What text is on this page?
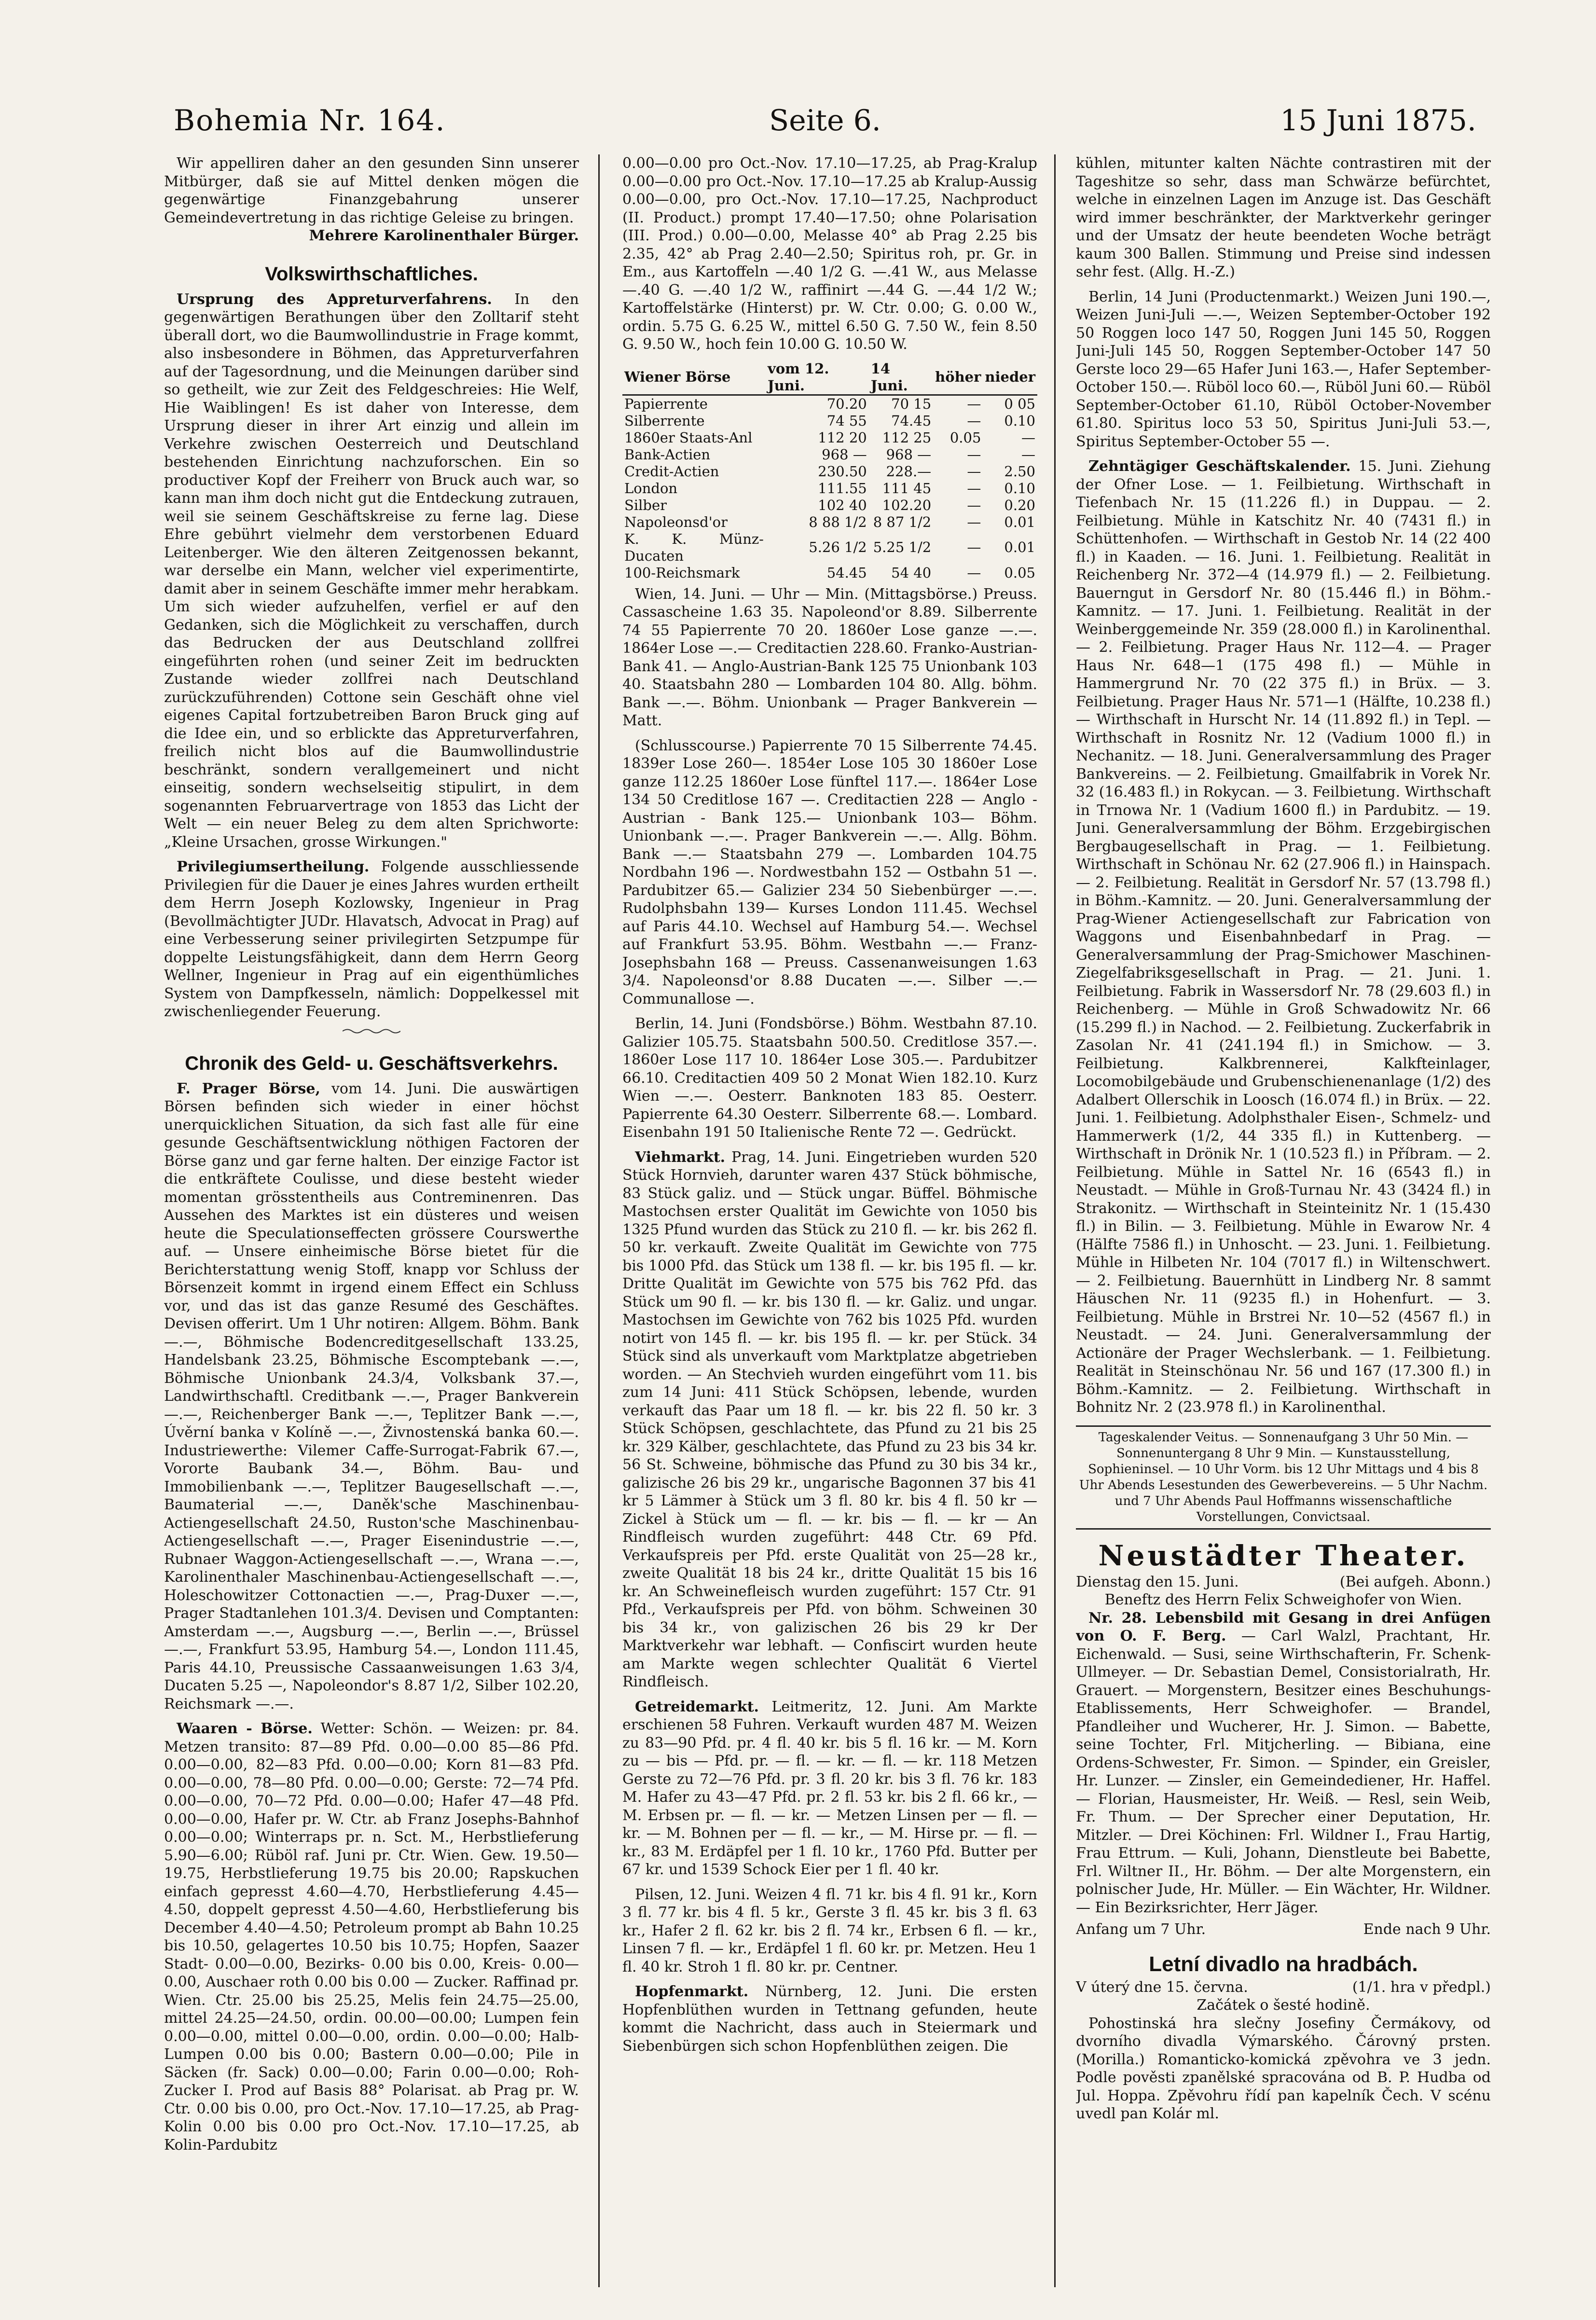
Bohemia Nr. 164.	Seite 6.	15 Juni 1875.

Wir appelliren daher an den gesunden Sinn unserer Mitbürger, daß sie auf Mittel denken mögen die gegenwärtige Finanzgebahrung unserer Gemeindevertretung in das richtige Geleise zu bringen.

Mehrere Karolinenthaler Bürger.
Volkswirthschaftliches.

Ursprung des Appreturverfahrens. In den gegenwärtigen Berathungen über den Zolltarif steht überall dort, wo die Baumwollindustrie in Frage kommt, also insbesondere in Böhmen, das Appreturverfahren auf der Tagesordnung, und die Meinungen darüber sind so getheilt, wie zur Zeit des Feldgeschreies: Hie Welf, Hie Waiblingen! Es ist daher von Interesse, dem Ursprung dieser in ihrer Art einzig und allein im Verkehre zwischen Oesterreich und Deutschland bestehenden Einrichtung nachzuforschen. Ein so productiver Kopf der Freiherr von Bruck auch war, so kann man ihm doch nicht gut die Entdeckung zutrauen, weil sie seinem Geschäftskreise zu ferne lag. Diese Ehre gebührt vielmehr dem verstorbenen Eduard Leitenberger. Wie den älteren Zeitgenossen bekannt, war derselbe ein Mann, welcher viel experimentirte, damit aber in seinem Geschäfte immer mehr herabkam. Um sich wieder aufzuhelfen, verfiel er auf den Gedanken, sich die Möglichkeit zu verschaffen, durch das Bedrucken der aus Deutschland zollfrei eingeführten rohen (und seiner Zeit im bedruckten Zustande wieder zollfrei nach Deutschland zurückzuführenden) Cottone sein Geschäft ohne viel eigenes Capital fortzubetreiben Baron Bruck ging auf die Idee ein, und so erblickte das Appreturverfahren, freilich nicht blos auf die Baumwollindustrie beschränkt, sondern verallgemeinert und nicht einseitig, sondern wechselseitig stipulirt, in dem sogenannten Februarvertrage von 1853 das Licht der Welt — ein neuer Beleg zu dem alten Sprichworte: „Kleine Ursachen, grosse Wirkungen."

Privilegiumsertheilung. Folgende ausschliessende Privilegien für die Dauer je eines Jahres wurden ertheilt dem Herrn Joseph Kozlowsky, Ingenieur in Prag (Bevollmächtigter JUDr. Hlavatsch, Advocat in Prag) auf eine Verbesserung seiner privilegirten Setzpumpe für doppelte Leistungsfähigkeit, dann dem Herrn Georg Wellner, Ingenieur in Prag auf ein eigenthümliches System von Dampfkesseln, nämlich: Doppelkessel mit zwischenliegender Feuerung.

Chronik des Geld- u. Geschäftsverkehrs.

F. Prager Börse, vom 14. Juni. Die auswärtigen Börsen befinden sich wieder in einer höchst unerquicklichen Situation, da sich fast alle für eine gesunde Geschäftsentwicklung nöthigen Factoren der Börse ganz und gar ferne halten. Der einzige Factor ist die entkräftete Coulisse, und diese besteht wieder momentan grösstentheils aus Contreminenren. Das Aussehen des Marktes ist ein düsteres und weisen heute die Speculationseffecten grössere Courswerthe auf. — Unsere einheimische Börse bietet für die Berichterstattung wenig Stoff, knapp vor Schluss der Börsenzeit kommt in irgend einem Effect ein Schluss vor, und das ist das ganze Resumé des Geschäftes. Devisen offerirt. Um 1 Uhr notiren: Allgem. Böhm. Bank —.—, Böhmische Bodencreditgesellschaft 133.25, Handelsbank 23.25, Böhmische Escomptebank —.—, Böhmische Unionbank 24.3/4, Volksbank 37.—, Landwirthschaftl. Creditbank —.—, Prager Bankverein —.—, Reichenberger Bank —.—, Teplitzer Bank —.—, Úvěrní banka v Kolíně —.—, Živnostenská banka 60.—. Industriewerthe: Vilemer Caffe-Surrogat-Fabrik 67.—, Vororte Baubank 34.—, Böhm. Bau- und Immobilienbank —.—, Teplitzer Baugesellschaft —.—, Baumaterial —.—, Daněk'sche Maschinenbau-Actiengesellschaft 24.50, Ruston'sche Maschinenbau-Actiengesellschaft —.—, Prager Eisenindustrie —.—, Rubnaer Waggon-Actiengesellschaft —.—, Wrana —.—, Karolinenthaler Maschinenbau-Actiengesellschaft —.—, Holeschowitzer Cottonactien —.—, Prag-Duxer —.—, Prager Stadtanlehen 101.3/4. Devisen und Comptanten: Amsterdam —.—, Augsburg —.—, Berlin —.—, Brüssel —.—, Frankfurt 53.95, Hamburg 54.—, London 111.45, Paris 44.10, Preussische Cassaanweisungen 1.63 3/4, Ducaten 5.25 —, Napoleondor's 8.87 1/2, Silber 102.20, Reichsmark —.—.

Waaren - Börse. Wetter: Schön. — Weizen: pr. 84. Metzen transito: 87—89 Pfd. 0.00—0.00 85—86 Pfd. 0.00—0.00, 82—83 Pfd. 0.00—0.00; Korn 81—83 Pfd. 0.00—0.00, 78—80 Pfd. 0.00—0.00; Gerste: 72—74 Pfd. 0.00—0.00, 70—72 Pfd. 0.00—0.00; Hafer 47—48 Pfd. 0.00—0.00, Hafer pr. W. Ctr. ab Franz Josephs-Bahnhof 0.00—0.00; Winterraps pr. n. Sct. M., Herbstlieferung 5.90—6.00; Rüböl raf. Juni pr. Ctr. Wien. Gew. 19.50—19.75, Herbstlieferung 19.75 bis 20.00; Rapskuchen einfach gepresst 4.60—4.70, Herbstlieferung 4.45—4.50, doppelt gepresst 4.50—4.60, Herbstlieferung bis December 4.40—4.50; Petroleum prompt ab Bahn 10.25 bis 10.50, gelagertes 10.50 bis 10.75; Hopfen, Saazer Stadt- 0.00—0.00, Bezirks- 0.00 bis 0.00, Kreis- 0.00—0.00, Auschaer roth 0.00 bis 0.00 — Zucker. Raffinad pr. Wien. Ctr. 25.00 bis 25.25, Melis fein 24.75—25.00, mittel 24.25—24.50, ordin. 00.00—00.00; Lumpen fein 0.00—0.00, mittel 0.00—0.00, ordin. 0.00—0.00; Halb-Lumpen 0.00 bis 0.00; Bastern 0.00—0.00; Pile in Säcken (fr. Sack) 0.00—0.00; Farin 0.00—0.00; Roh-Zucker I. Prod auf Basis 88° Polarisat. ab Prag pr. W. Ctr. 0.00 bis 0.00, pro Oct.-Nov. 17.10—17.25, ab Prag-Kolin 0.00 bis 0.00 pro Oct.-Nov. 17.10—17.25, ab Kolin-Pardubitz

0.00—0.00 pro Oct.-Nov. 17.10—17.25, ab Prag-Kralup 0.00—0.00 pro Oct.-Nov. 17.10—17.25 ab Kralup-Aussig 0.00—0.00, pro Oct.-Nov. 17.10—17.25, Nachproduct (II. Product.) prompt 17.40—17.50; ohne Polarisation (III. Prod.) 0.00—0.00, Melasse 40° ab Prag 2.25 bis 2.35, 42° ab Prag 2.40—2.50; Spiritus roh, pr. Gr. in Em., aus Kartoffeln —.40 1/2 G. —.41 W., aus Melasse —.40 G. —.40 1/2 W., raffinirt —.44 G. —.44 1/2 W.; Kartoffelstärke (Hinterst) pr. W. Ctr. 0.00; G. 0.00 W., ordin. 5.75 G. 6.25 W., mittel 6.50 G. 7.50 W., fein 8.50 G. 9.50 W., hoch fein 10.00 G. 10.50 W.

Wiener Börse	vom 12. Juni.	14 Juni.	höher	nieder
Papierrente	70.20	70 15	—	0 05
Silberrente	74 55	74.45	—	0.10
1860er Staats-Anl	112 20	112 25	0.05	—
Bank-Actien	968 —	968 —	—	—
Credit-Actien	230.50	228.—	—	2.50
London	111.55	111 45	—	0.10
Silber	102 40	102.20	—	0.20
Napoleonsd'or	8 88 1/2	8 87 1/2	—	0.01
K. K. Münz-Ducaten	5.26 1/2	5.25 1/2	—	0.01
100-Reichsmark	54.45	54 40	—	0.05

Wien, 14. Juni. — Uhr — Min. (Mittagsbörse.) Preuss. Cassascheine 1.63 35. Napoleond'or 8.89. Silberrente 74 55 Papierrente 70 20. 1860er Lose ganze —.—. 1864er Lose —.— Creditactien 228.60. Franko-Austrian-Bank 41. — Anglo-Austrian-Bank 125 75 Unionbank 103 40. Staatsbahn 280 — Lombarden 104 80. Allg. böhm. Bank —.—. Böhm. Unionbank — Prager Bankverein — Matt.

(Schlusscourse.) Papierrente 70 15 Silberrente 74.45. 1839er Lose 260—. 1854er Lose 105 30 1860er Lose ganze 112.25 1860er Lose fünftel 117.—. 1864er Lose 134 50 Creditlose 167 —. Creditactien 228 — Anglo - Austrian - Bank 125.— Unionbank 103— Böhm. Unionbank —.—. Prager Bankverein —.—. Allg. Böhm. Bank —.— Staatsbahn 279 —. Lombarden 104.75 Nordbahn 196 —. Nordwestbahn 152 — Ostbahn 51 —. Pardubitzer 65.— Galizier 234 50 Siebenbürger —.—. Rudolphsbahn 139— Kurses London 111.45. Wechsel auf Paris 44.10. Wechsel auf Hamburg 54.—. Wechsel auf Frankfurt 53.95. Böhm. Westbahn —.— Franz-Josephsbahn 168 — Preuss. Cassenanweisungen 1.63 3/4. Napoleonsd'or 8.88 Ducaten —.—. Silber —.— Communallose —.

Berlin, 14. Juni (Fondsbörse.) Böhm. Westbahn 87.10. Galizier 105.75. Staatsbahn 500.50. Creditlose 357.—. 1860er Lose 117 10. 1864er Lose 305.—. Pardubitzer 66.10. Creditactien 409 50 2 Monat Wien 182.10. Kurz Wien —.—. Oesterr. Banknoten 183 85. Oesterr. Papierrente 64.30 Oesterr. Silberrente 68.—. Lombard. Eisenbahn 191 50 Italienische Rente 72 —. Gedrückt.

Viehmarkt. Prag, 14. Juni. Eingetrieben wurden 520 Stück Hornvieh, darunter waren 437 Stück böhmische, 83 Stück galiz. und — Stück ungar. Büffel. Böhmische Mastochsen erster Qualität im Gewichte von 1050 bis 1325 Pfund wurden das Stück zu 210 fl. — kr. bis 262 fl. 50 kr. verkauft. Zweite Qualität im Gewichte von 775 bis 1000 Pfd. das Stück um 138 fl. — kr. bis 195 fl. — kr. Dritte Qualität im Gewichte von 575 bis 762 Pfd. das Stück um 90 fl. — kr. bis 130 fl. — kr. Galiz. und ungar. Mastochsen im Gewichte von 762 bis 1025 Pfd. wurden notirt von 145 fl. — kr. bis 195 fl. — kr. per Stück. 34 Stück sind als unverkauft vom Marktplatze abgetrieben worden. — An Stechvieh wurden eingeführt vom 11. bis zum 14 Juni: 411 Stück Schöpsen, lebende, wurden verkauft das Paar um 18 fl. — kr. bis 22 fl. 50 kr. 3 Stück Schöpsen, geschlachtete, das Pfund zu 21 bis 25 kr. 329 Kälber, geschlachtete, das Pfund zu 23 bis 34 kr. 56 St. Schweine, böhmische das Pfund zu 30 bis 34 kr., galizische 26 bis 29 kr., ungarische Bagonnen 37 bis 41 kr 5 Lämmer à Stück um 3 fl. 80 kr. bis 4 fl. 50 kr — Zickel à Stück um — fl. — kr. bis — fl. — kr — An Rindfleisch wurden zugeführt: 448 Ctr. 69 Pfd. Verkaufspreis per Pfd. erste Qualität von 25—28 kr., zweite Qualität 18 bis 24 kr., dritte Qualität 15 bis 16 kr. An Schweinefleisch wurden zugeführt: 157 Ctr. 91 Pfd., Verkaufspreis per Pfd. von böhm. Schweinen 30 bis 34 kr., von galizischen 26 bis 29 kr Der Marktverkehr war lebhaft. — Confiscirt wurden heute am Markte wegen schlechter Qualität 6 Viertel Rindfleisch.

Getreidemarkt. Leitmeritz, 12. Juni. Am Markte erschienen 58 Fuhren. Verkauft wurden 487 M. Weizen zu 83—90 Pfd. pr. 4 fl. 40 kr. bis 5 fl. 16 kr. — M. Korn zu — bis — Pfd. pr. — fl. — kr. — fl. — kr. 118 Metzen Gerste zu 72—76 Pfd. pr. 3 fl. 20 kr. bis 3 fl. 76 kr. 183 M. Hafer zu 43—47 Pfd. pr. 2 fl. 53 kr. bis 2 fl. 66 kr., — M. Erbsen pr. — fl. — kr. — Metzen Linsen per — fl. — kr. — M. Bohnen per — fl. — kr., — M. Hirse pr. — fl. — kr., 83 M. Erdäpfel per 1 fl. 10 kr., 1760 Pfd. Butter per 67 kr. und 1539 Schock Eier per 1 fl. 40 kr.

Pilsen, 12. Juni. Weizen 4 fl. 71 kr. bis 4 fl. 91 kr., Korn 3 fl. 77 kr. bis 4 fl. 5 kr., Gerste 3 fl. 45 kr. bis 3 fl. 63 kr., Hafer 2 fl. 62 kr. bis 2 fl. 74 kr., Erbsen 6 fl. — kr., Linsen 7 fl. — kr., Erdäpfel 1 fl. 60 kr. pr. Metzen. Heu 1 fl. 40 kr. Stroh 1 fl. 80 kr. pr. Centner.

Hopfenmarkt. Nürnberg, 12. Juni. Die ersten Hopfenblüthen wurden in Tettnang gefunden, heute kommt die Nachricht, dass auch in Steiermark und Siebenbürgen sich schon Hopfenblüthen zeigen. Die

kühlen, mitunter kalten Nächte contrastiren mit der Tageshitze so sehr, dass man Schwärze befürchtet, welche in einzelnen Lagen im Anzuge ist. Das Geschäft wird immer beschränkter, der Marktverkehr geringer und der Umsatz der heute beendeten Woche beträgt kaum 300 Ballen. Stimmung und Preise sind indessen sehr fest. (Allg. H.-Z.)

Berlin, 14 Juni (Productenmarkt.) Weizen Juni 190.—, Weizen Juni-Juli —.—, Weizen September-October 192 50 Roggen loco 147 50, Roggen Juni 145 50, Roggen Juni-Juli 145 50, Roggen September-October 147 50 Gerste loco 29—65 Hafer Juni 163.—, Hafer September-October 150.—. Rüböl loco 60.—, Rüböl Juni 60.— Rüböl September-October 61.10, Rüböl October-November 61.80. Spiritus loco 53 50, Spiritus Juni-Juli 53.—, Spiritus September-October 55 —.

Zehntägiger Geschäftskalender. 15. Juni. Ziehung der Ofner Lose. — 1. Feilbietung. Wirthschaft in Tiefenbach Nr. 15 (11.226 fl.) in Duppau. — 2. Feilbietung. Mühle in Katschitz Nr. 40 (7431 fl.) in Schüttenhofen. — Wirthschaft in Gestob Nr. 14 (22 400 fl.) in Kaaden. — 16. Juni. 1. Feilbietung. Realität in Reichenberg Nr. 372—4 (14.979 fl.) — 2. Feilbietung. Bauerngut in Gersdorf Nr. 80 (15.446 fl.) in Böhm.-Kamnitz. — 17. Juni. 1. Feilbietung. Realität in der Weinberggemeinde Nr. 359 (28.000 fl.) in Karolinenthal. — 2. Feilbietung. Prager Haus Nr. 112—4. — Prager Haus Nr. 648—1 (175 498 fl.) — Mühle in Hammergrund Nr. 70 (22 375 fl.) in Brüx. — 3. Feilbietung. Prager Haus Nr. 571—1 (Hälfte, 10.238 fl.) — Wirthschaft in Hurscht Nr. 14 (11.892 fl.) in Tepl. — Wirthschaft in Rosnitz Nr. 12 (Vadium 1000 fl.) in Nechanitz. — 18. Juni. Generalversammlung des Prager Bankvereins. — 2. Feilbietung. Gmailfabrik in Vorek Nr. 32 (16.483 fl.) in Rokycan. — 3. Feilbietung. Wirthschaft in Trnowa Nr. 1 (Vadium 1600 fl.) in Pardubitz. — 19. Juni. Generalversammlung der Böhm. Erzgebirgischen Bergbaugesellschaft in Prag. — 1. Feilbietung. Wirthschaft in Schönau Nr. 62 (27.906 fl.) in Hainspach. — 2. Feilbietung. Realität in Gersdorf Nr. 57 (13.798 fl.) in Böhm.-Kamnitz. — 20. Juni. Generalversammlung der Prag-Wiener Actiengesellschaft zur Fabrication von Waggons und Eisenbahnbedarf in Prag. — Generalversammlung der Prag-Smichower Maschinen-Ziegelfabriksgesellschaft in Prag. — 21. Juni. 1. Feilbietung. Fabrik in Wassersdorf Nr. 78 (29.603 fl.) in Reichenberg. — Mühle in Groß Schwadowitz Nr. 66 (15.299 fl.) in Nachod. — 2. Feilbietung. Zuckerfabrik in Zasolan Nr. 41 (241.194 fl.) in Smichow. — 3. Feilbietung. Kalkbrennerei, Kalkfteinlager, Locomobilgebäude und Grubenschienenanlage (1/2) des Adalbert Ollerschik in Loosch (16.074 fl.) in Brüx. — 22. Juni. 1. Feilbietung. Adolphsthaler Eisen-, Schmelz- und Hammerwerk (1/2, 44 335 fl.) in Kuttenberg. — Wirthschaft in Drönik Nr. 1 (10.523 fl.) in Příbram. — 2. Feilbietung. Mühle in Sattel Nr. 16 (6543 fl.) in Neustadt. — Mühle in Groß-Turnau Nr. 43 (3424 fl.) in Strakonitz. — Wirthschaft in Steinteinitz Nr. 1 (15.430 fl.) in Bilin. — 3. Feilbietung. Mühle in Ewarow Nr. 4 (Hälfte 7586 fl.) in Unhoscht. — 23. Juni. 1. Feilbietung. Mühle in Hilbeten Nr. 104 (7017 fl.) in Wiltenschwert. — 2. Feilbietung. Bauernhütt in Lindberg Nr. 8 sammt Häuschen Nr. 11 (9235 fl.) in Hohenfurt. — 3. Feilbietung. Mühle in Brstrei Nr. 10—52 (4567 fl.) in Neustadt. — 24. Juni. Generalversammlung der Actionäre der Prager Wechslerbank. — 1. Feilbietung. Realität in Steinschönau Nr. 56 und 167 (17.300 fl.) in Böhm.-Kamnitz. — 2. Feilbietung. Wirthschaft in Bohnitz Nr. 2 (23.978 fl.) in Karolinenthal.

Tageskalender Veitus. — Sonnenaufgang 3 Uhr 50 Min. — Sonnenuntergang 8 Uhr 9 Min. — Kunstausstellung, Sophieninsel. — 10 Uhr Vorm. bis 12 Uhr Mittags und 4 bis 8 Uhr Abends Lesestunden des Gewerbevereins. — 5 Uhr Nachm. und 7 Uhr Abends Paul Hoffmanns wissenschaftliche Vorstellungen, Convictsaal.
Neustädter Theater.
Dienstag den 15. Juni.	(Bei aufgeh. Abonn.)
Beneftz des Herrn Felix Schweighofer von Wien.

Nr. 28. Lebensbild mit Gesang in drei Anfügen von O. F. Berg. — Carl Walzl, Prachtant, Hr. Eichenwald. — Susi, seine Wirthschafterin, Fr. Schenk-Ullmeyer. — Dr. Sebastian Demel, Consistorialrath, Hr. Grauert. — Morgenstern, Besitzer eines Beschuhungs-Etablissements, Herr Schweighofer. — Brandel, Pfandleiher und Wucherer, Hr. J. Simon. — Babette, seine Tochter, Frl. Mitjcherling. — Bibiana, eine Ordens-Schwester, Fr. Simon. — Spinder, ein Greisler, Hr. Lunzer. — Zinsler, ein Gemeindediener, Hr. Haffel. — Florian, Hausmeister, Hr. Weiß. — Resl, sein Weib, Fr. Thum. — Der Sprecher einer Deputation, Hr. Mitzler. — Drei Köchinen: Frl. Wildner I., Frau Hartig, Frau Ettrum. — Kuli, Johann, Dienstleute bei Babette, Frl. Wiltner II., Hr. Böhm. — Der alte Morgenstern, ein polnischer Jude, Hr. Müller. — Ein Wächter, Hr. Wildner. — Ein Bezirksrichter, Herr Jäger.

Anfang um 7 Uhr.	Ende nach 9 Uhr.
Letní divadlo na hradbách.
V úterý dne 15. června.	(1/1. hra v předpl.)
Začátek o šesté hodině.

Pohostinská hra slečny Josefiny Čermákovy, od dvorního divadla Výmarského. Čárovný prsten. (Morilla.) Romanticko-komická zpěvohra ve 3 jedn. Podle pověsti zpanělské spracována od B. P. Hudba od Jul. Hoppa. Zpěvohru řídí pan kapelník Čech. V scénu uvedl pan Kolár ml.
